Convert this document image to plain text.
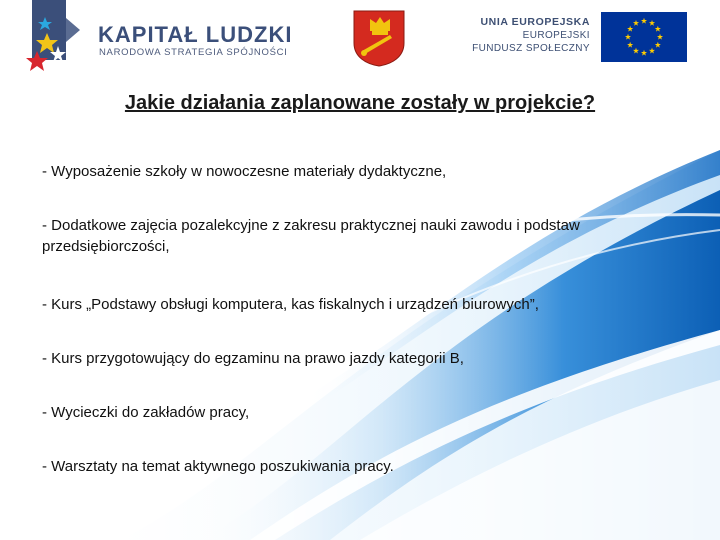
KAPITAŁ LUDZKI
NARODOWA STRATEGIA SPÓJNOŚCI
UNIA EUROPEJSKA
EUROPEJSKI
FUNDUSZ SPOŁECZNY
Jakie działania zaplanowane zostały w projekcie?
- Wyposażenie szkoły w nowoczesne materiały dydaktyczne,
- Dodatkowe zajęcia pozalekcyjne z zakresu praktycznej nauki zawodu i podstaw przedsiębiorczości,
- Kurs „Podstawy obsługi komputera, kas fiskalnych i urządzeń biurowych”,
- Kurs przygotowujący do egzaminu na prawo jazdy kategorii B,
- Wycieczki do zakładów pracy,
- Warsztaty na temat aktywnego poszukiwania pracy.
